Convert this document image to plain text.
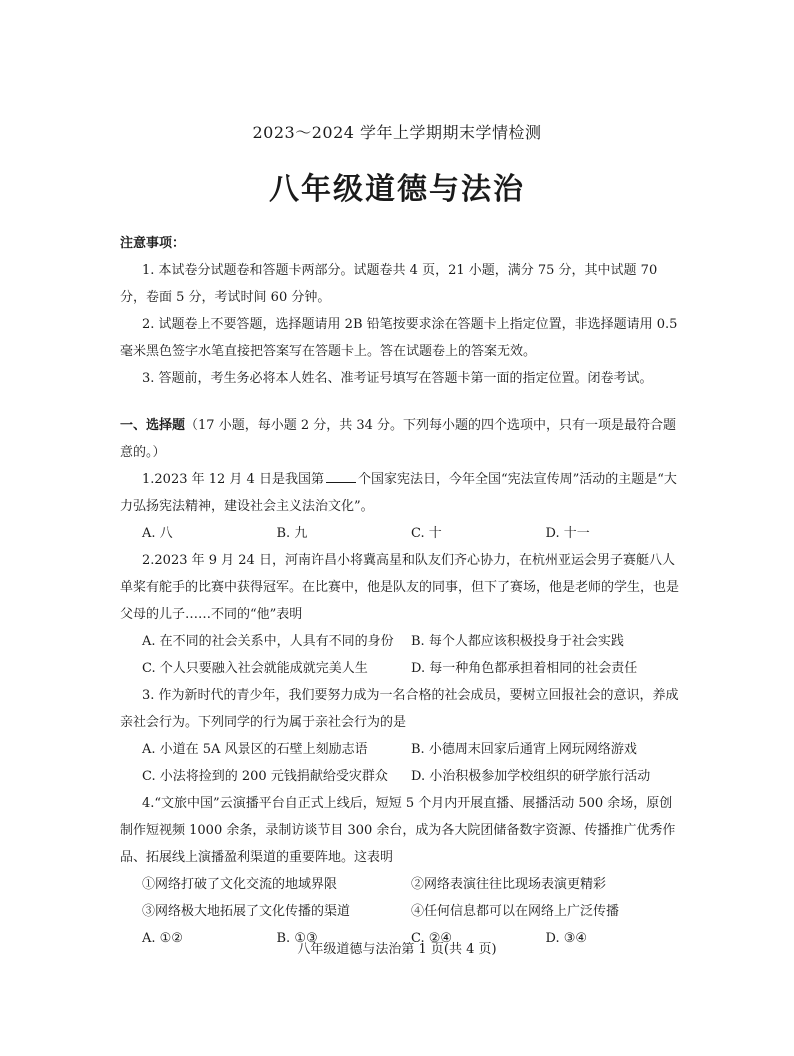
2023～2024 学年上学期期末学情检测
八年级道德与法治
注意事项：

1. 本试卷分试题卷和答题卡两部分。试题卷共 4 页，21 小题，满分 75 分，其中试题 70 分，卷面 5 分，考试时间 60 分钟。

2. 试题卷上不要答题，选择题请用 2B 铅笔按要求涂在答题卡上指定位置，非选择题请用 0.5 毫米黑色签字水笔直接把答案写在答题卡上。答在试题卷上的答案无效。

3. 答题前，考生务必将本人姓名、准考证号填写在答题卡第一面的指定位置。闭卷考试。

一、选择题（17 小题，每小题 2 分，共 34 分。下列每小题的四个选项中，只有一项是最符合题意的。）

1.2023 年 12 月 4 日是我国第	个国家宪法日，今年全国“宪法宣传周”活动的主题是“大力弘扬宪法精神，建设社会主义法治文化”。

A. 八	B. 九	C. 十	D. 十一

2.2023 年 9 月 24 日，河南许昌小将冀高星和队友们齐心协力，在杭州亚运会男子赛艇八人单桨有舵手的比赛中获得冠军。在比赛中，他是队友的同事，但下了赛场，他是老师的学生，也是父母的儿子……不同的“他”表明

A. 在不同的社会关系中，人具有不同的身份	B. 每个人都应该积极投身于社会实践
C. 个人只要融入社会就能成就完美人生	D. 每一种角色都承担着相同的社会责任

3. 作为新时代的青少年，我们要努力成为一名合格的社会成员，要树立回报社会的意识，养成亲社会行为。下列同学的行为属于亲社会行为的是

A. 小道在 5A 风景区的石壁上刻励志语	B. 小德周末回家后通宵上网玩网络游戏
C. 小法将捡到的 200 元钱捐献给受灾群众	D. 小治积极参加学校组织的研学旅行活动

4.“文旅中国”云演播平台自正式上线后，短短 5 个月内开展直播、展播活动 500 余场，原创制作短视频 1000 余条，录制访谈节目 300 余台，成为各大院团储备数字资源、传播推广优秀作品、拓展线上演播盈利渠道的重要阵地。这表明

①网络打破了文化交流的地域界限	②网络表演往往比现场表演更精彩
③网络极大地拓展了文化传播的渠道	④任何信息都可以在网络上广泛传播
A. ①②	B. ①③	C. ②④	D. ③④
八年级道德与法治第 1 页(共 4 页)
